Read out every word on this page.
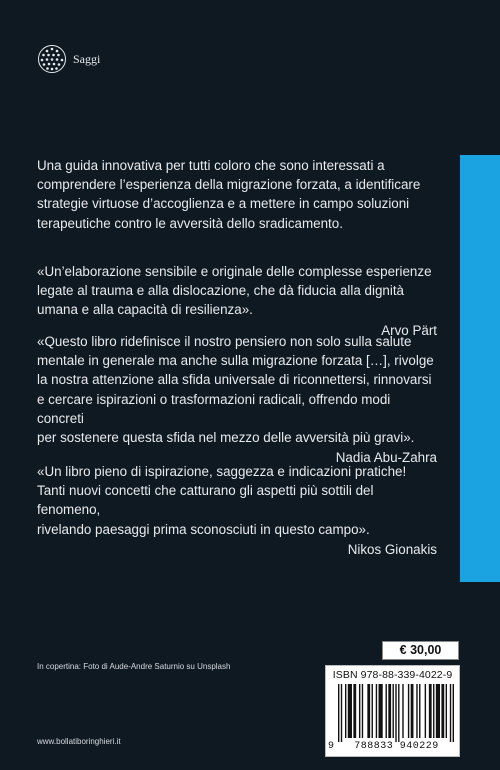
Saggi

Una guida innovativa per tutti coloro che sono interessati a
comprendere l’esperienza della migrazione forzata, a identificare
strategie virtuose d’accoglienza e a mettere in campo soluzioni
terapeutiche contro le avversità dello sradicamento.

«Un’elaborazione sensibile e originale delle complesse esperienze
legate al trauma e alla dislocazione, che dà fiducia alla dignità
umana e alla capacità di resilienza».

Arvo Pärt

«Questo libro ridefinisce il nostro pensiero non solo sulla salute
mentale in generale ma anche sulla migrazione forzata […], rivolge
la nostra attenzione alla sfida universale di riconnettersi, rinnovarsi
e cercare ispirazioni o trasformazioni radicali, offrendo modi concreti
per sostenere questa sfida nel mezzo delle avversità più gravi».

Nadia Abu-Zahra

«Un libro pieno di ispirazione, saggezza e indicazioni pratiche!
Tanti nuovi concetti che catturano gli aspetti più sottili del fenomeno,
rivelando paesaggi prima sconosciuti in questo campo».

Nikos Gionakis

In copertina: Foto di Aude-Andre Saturnio su Unsplash
www.bollatiboringhieri.it
€ 30,00
ISBN 978-88-339-4022-9
9	788833 940229
